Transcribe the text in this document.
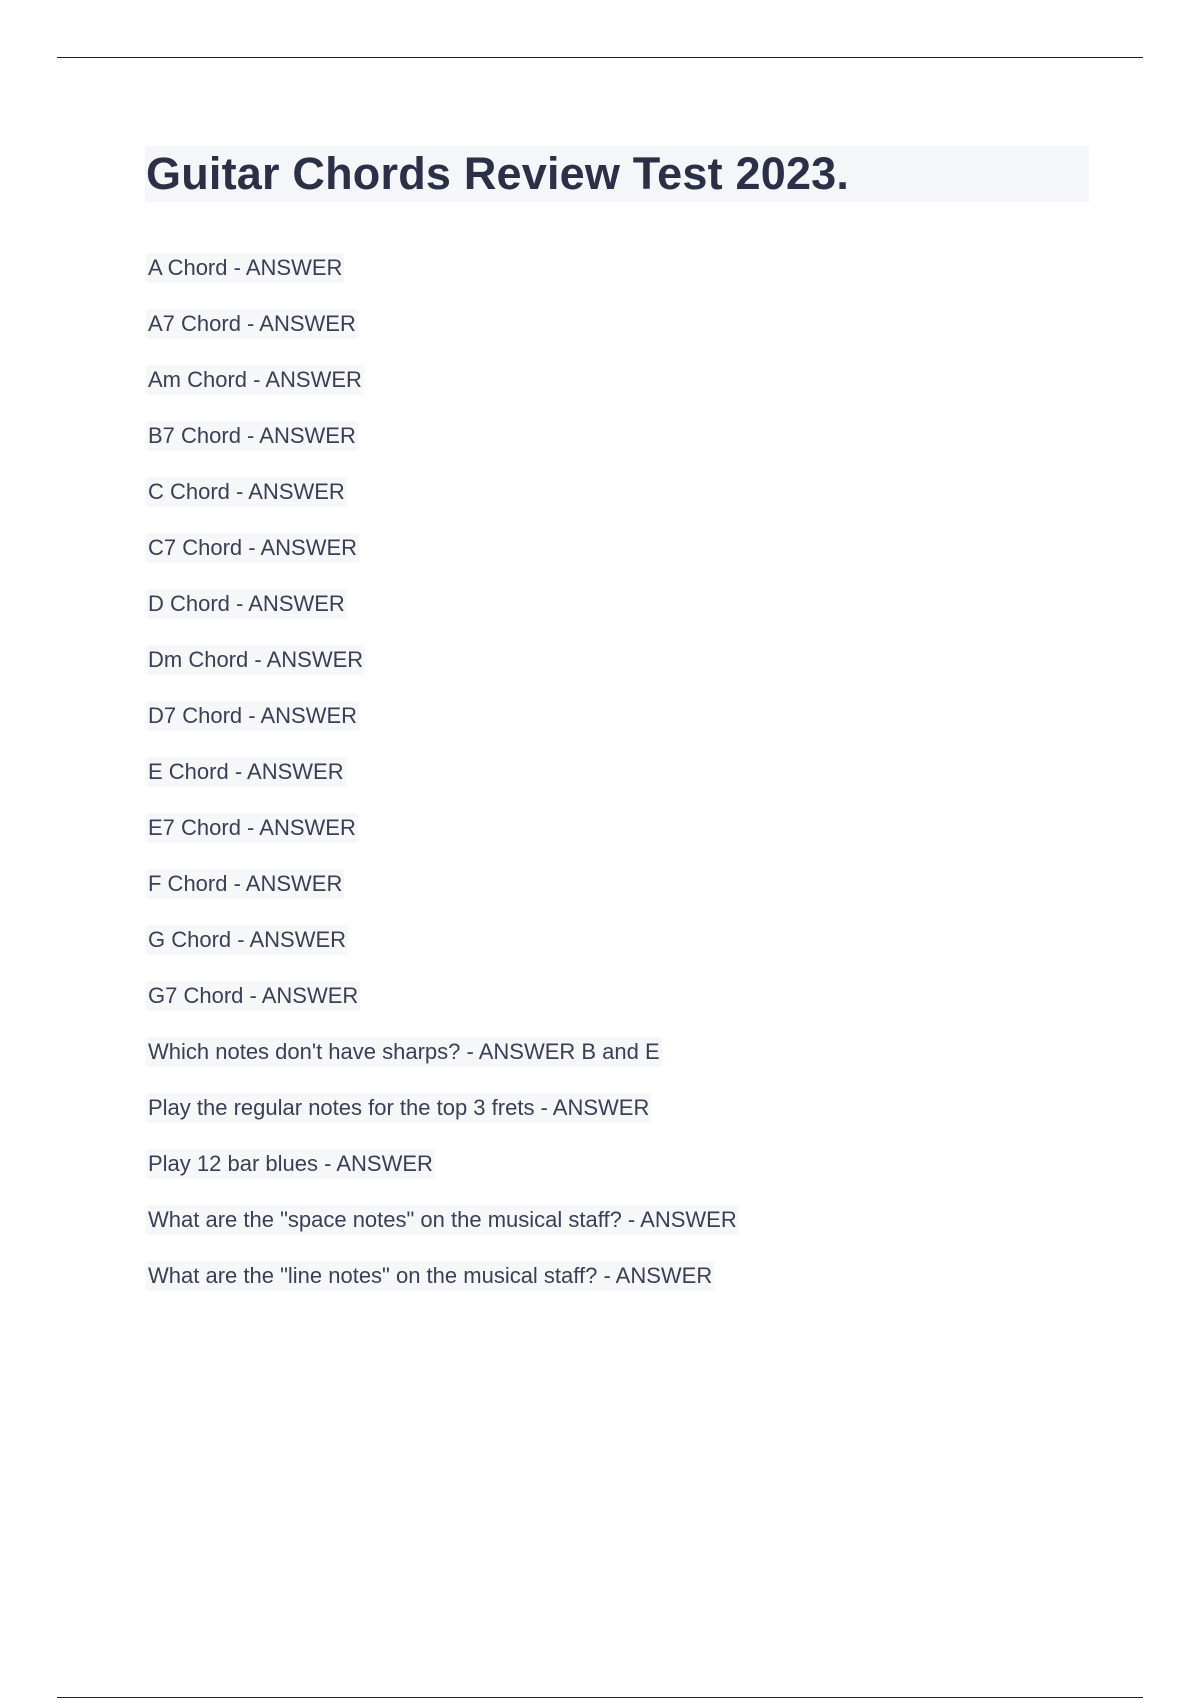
Guitar Chords Review Test 2023.
A Chord - ANSWER
A7 Chord - ANSWER
Am Chord - ANSWER
B7 Chord - ANSWER
C Chord - ANSWER
C7 Chord - ANSWER
D Chord - ANSWER
Dm Chord - ANSWER
D7 Chord - ANSWER
E Chord - ANSWER
E7 Chord - ANSWER
F Chord - ANSWER
G Chord - ANSWER
G7 Chord - ANSWER
Which notes don't have sharps? - ANSWER B and E
Play the regular notes for the top 3 frets - ANSWER
Play 12 bar blues - ANSWER
What are the "space notes" on the musical staff? - ANSWER
What are the "line notes" on the musical staff? - ANSWER
